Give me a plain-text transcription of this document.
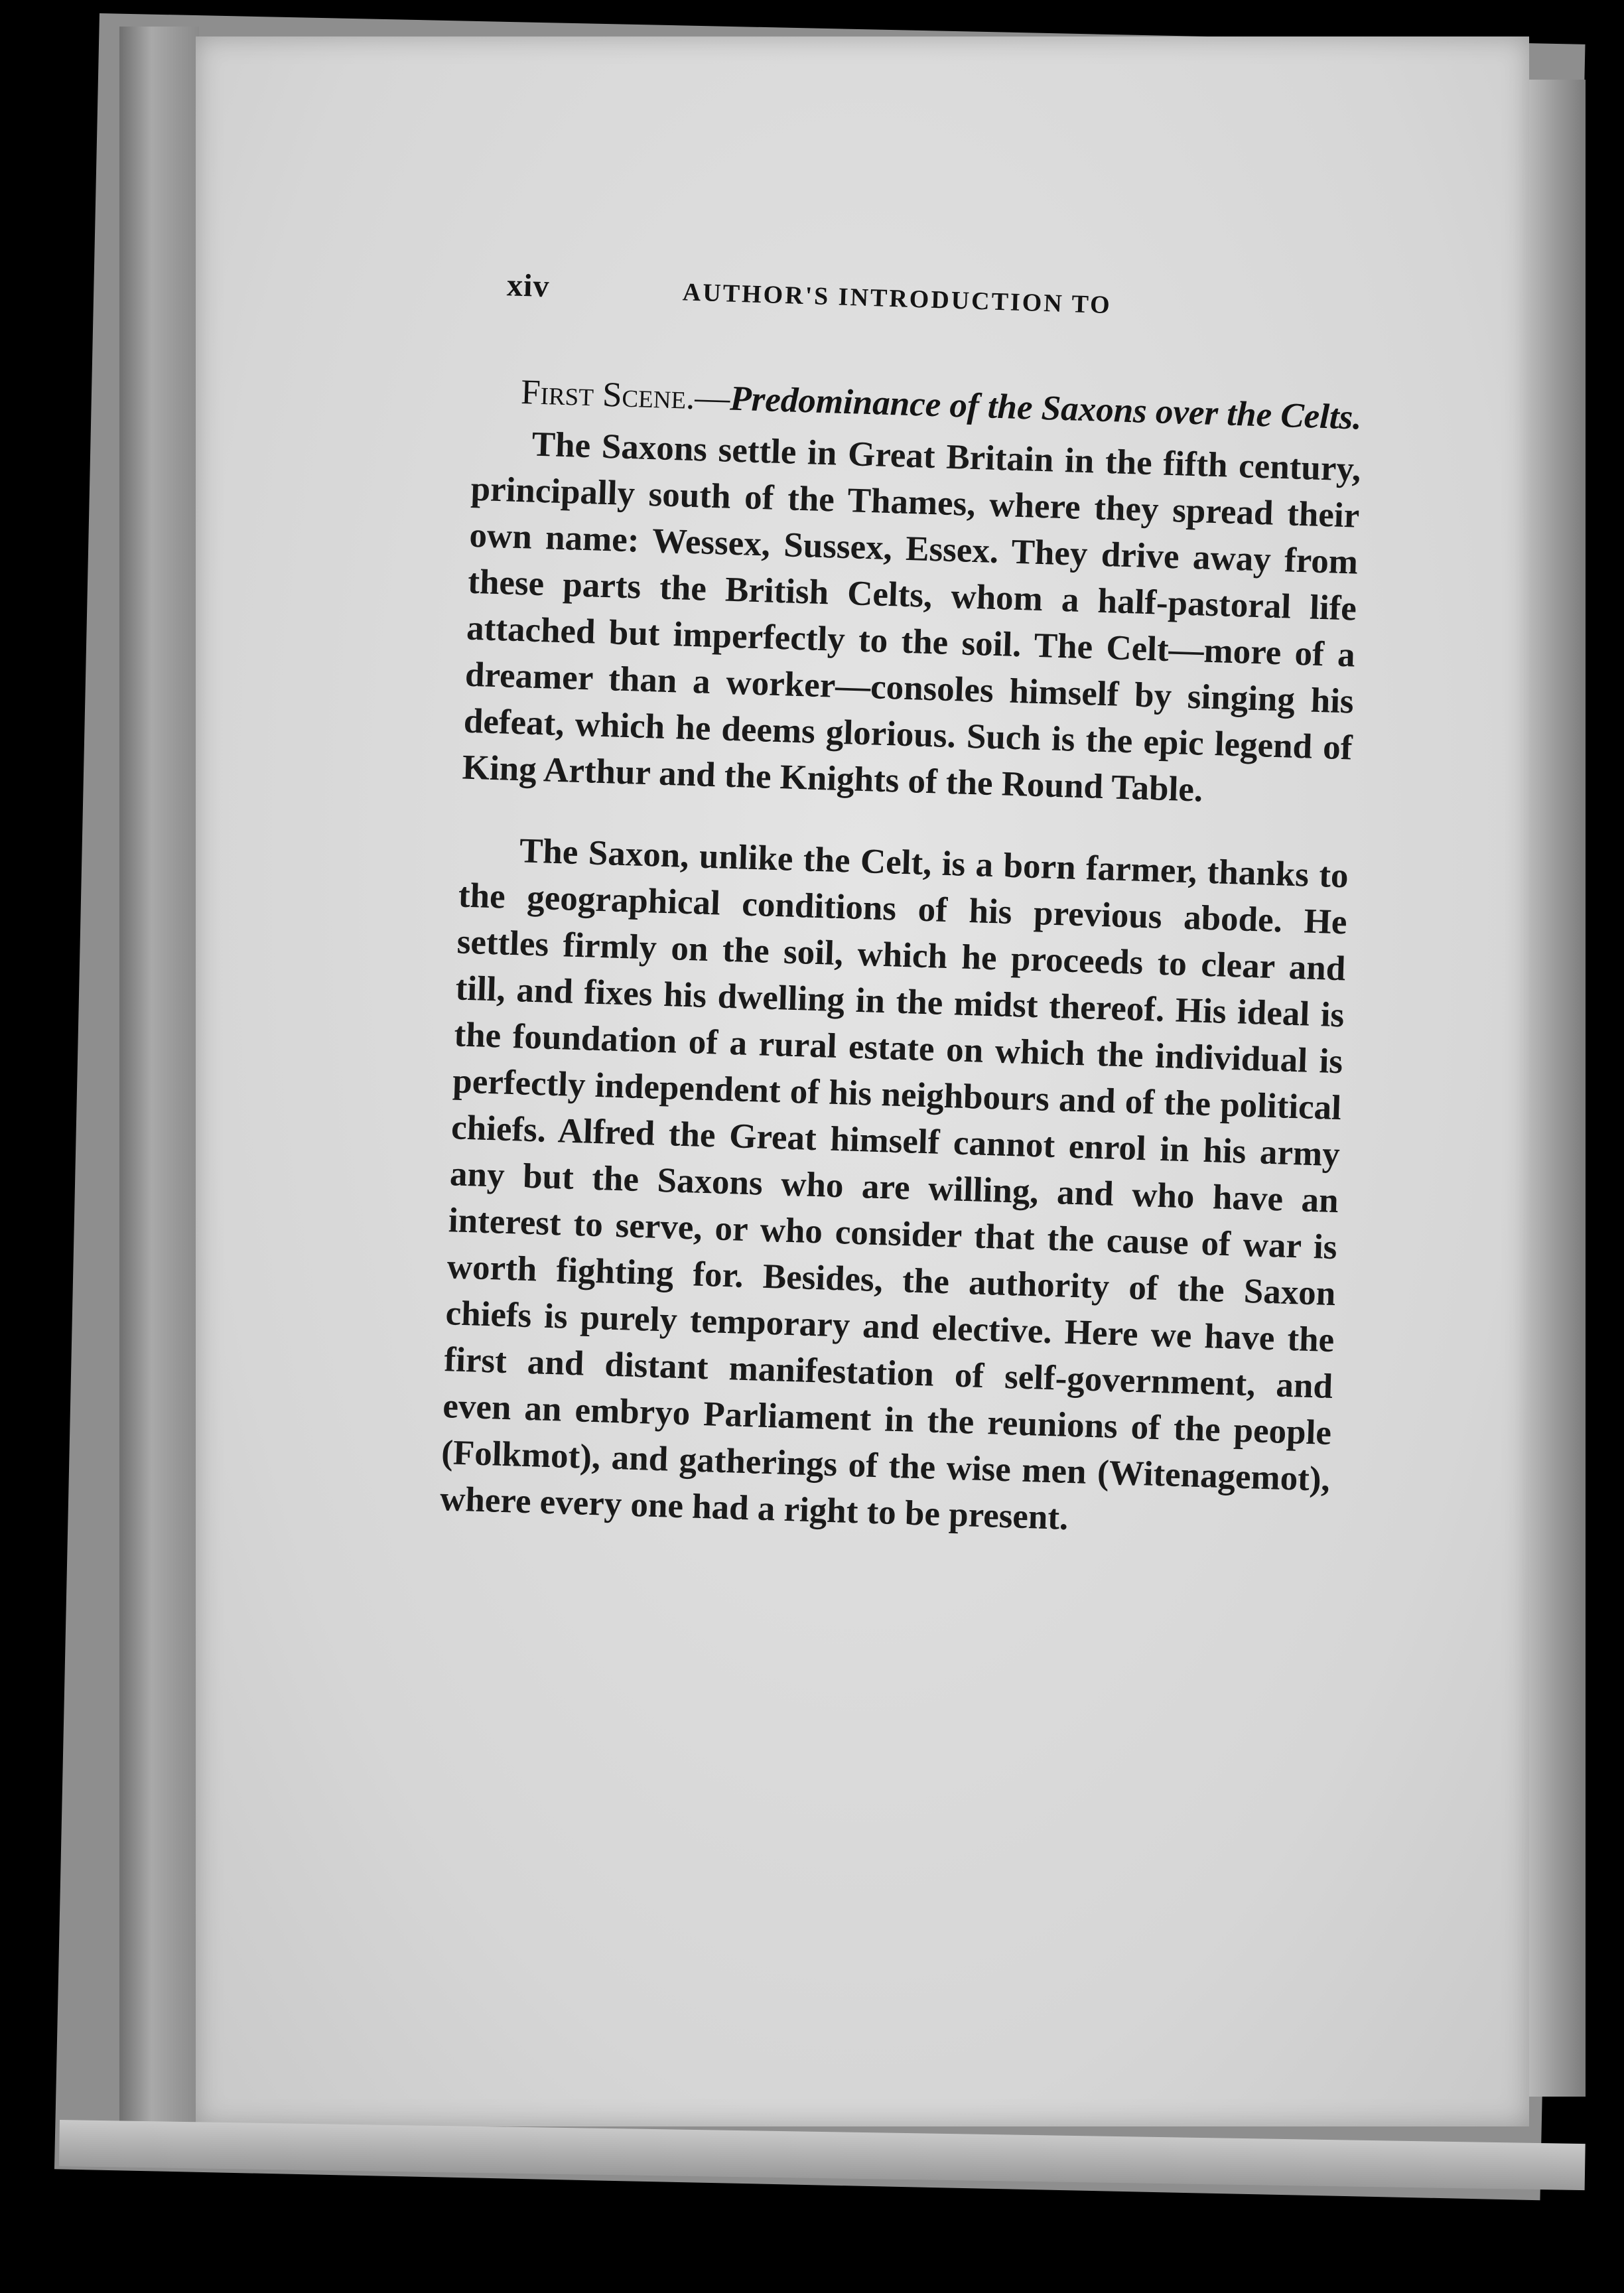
xiv	AUTHOR'S INTRODUCTION TO
First Scene.—Predominance of the Saxons over the Celts.

The Saxons settle in Great Britain in the fifth century, principally south of the Thames, where they spread their own name: Wessex, Sussex, Essex. They drive away from these parts the British Celts, whom a half-pastoral life attached but imperfectly to the soil. The Celt—more of a dreamer than a worker—consoles himself by singing his defeat, which he deems glorious. Such is the epic legend of King Arthur and the Knights of the Round Table.

The Saxon, unlike the Celt, is a born farmer, thanks to the geographical conditions of his previous abode. He settles firmly on the soil, which he proceeds to clear and till, and fixes his dwelling in the midst thereof. His ideal is the foundation of a rural estate on which the individual is perfectly independent of his neighbours and of the political chiefs. Alfred the Great himself cannot enrol in his army any but the Saxons who are willing, and who have an interest to serve, or who consider that the cause of war is worth fighting for. Besides, the authority of the Saxon chiefs is purely temporary and elective. Here we have the first and distant manifestation of self-government, and even an embryo Parliament in the reunions of the people (Folkmot), and gatherings of the wise men (Witenagemot), where every one had a right to be present.
